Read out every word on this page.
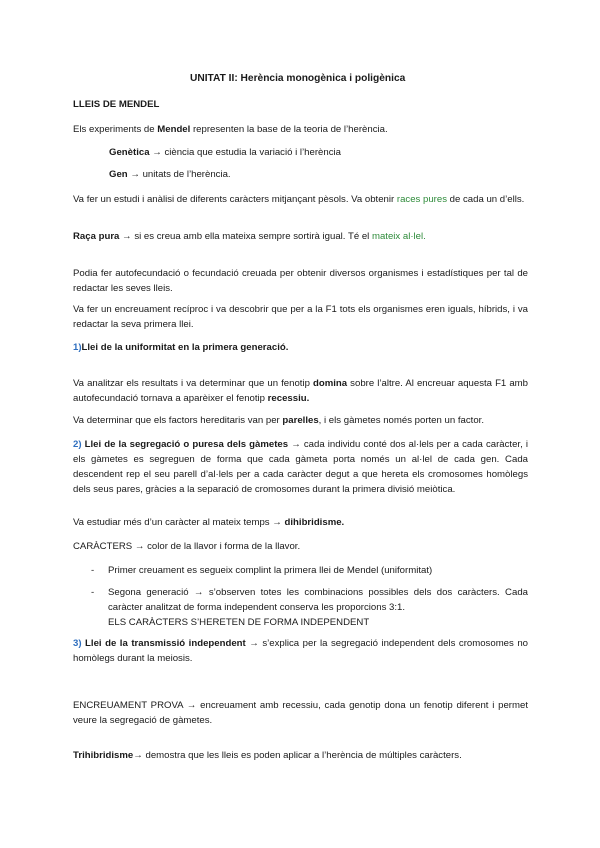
UNITAT II: Herència monogènica i poligènica

LLEIS DE MENDEL

Els experiments de Mendel representen la base de la teoria de l’herència.

Genètica → ciència que estudia la variació i l’herència

Gen → unitats de l’herència.

Va fer un estudi i anàlisi de diferents caràcters mitjançant pèsols. Va obtenir races pures de cada un d’ells.

Raça pura → si es creua amb ella mateixa sempre sortirà igual. Té el mateix al·lel.

Podia fer autofecundació o fecundació creuada per obtenir diversos organismes i estadístiques per tal de redactar les seves lleis.

Va fer un encreuament recíproc i va descobrir que per a la F1 tots els organismes eren iguals, híbrids, i va redactar la seva primera llei.

1)Llei de la uniformitat en la primera generació.

Va analitzar els resultats i va determinar que un fenotip domina sobre l’altre. Al encreuar aquesta F1 amb autofecundació tornava a aparèixer el fenotip recessiu.

Va determinar que els factors hereditaris van per parelles, i els gàmetes només porten un factor.

2) Llei de la segregació o puresa dels gàmetes → cada individu conté dos al·lels per a cada caràcter, i els gàmetes es segreguen de forma que cada gàmeta porta només un al·lel de cada gen. Cada descendent rep el seu parell d’al·lels per a cada caràcter degut a que hereta els cromosomes homòlegs dels seus pares, gràcies a la separació de cromosomes durant la primera divisió meiòtica.

Va estudiar més d’un caràcter al mateix temps → dihibridisme.

CARÀCTERS → color de la llavor i forma de la llavor.

- Primer creuament es segueix complint la primera llei de Mendel (uniformitat)
- Segona generació → s’observen totes les combinacions possibles dels dos caràcters. Cada caràcter analitzat de forma independent conserva les proporcions 3:1.
ELS CARÀCTERS S’HERETEN DE FORMA INDEPENDENT

3) Llei de la transmissió independent → s’explica per la segregació independent dels cromosomes no homòlegs durant la meiosis.

ENCREUAMENT PROVA → encreuament amb recessiu, cada genotip dona un fenotip diferent i permet veure la segregació de gàmetes.

Trihibridisme→ demostra que les lleis es poden aplicar a l’herència de múltiples caràcters.
